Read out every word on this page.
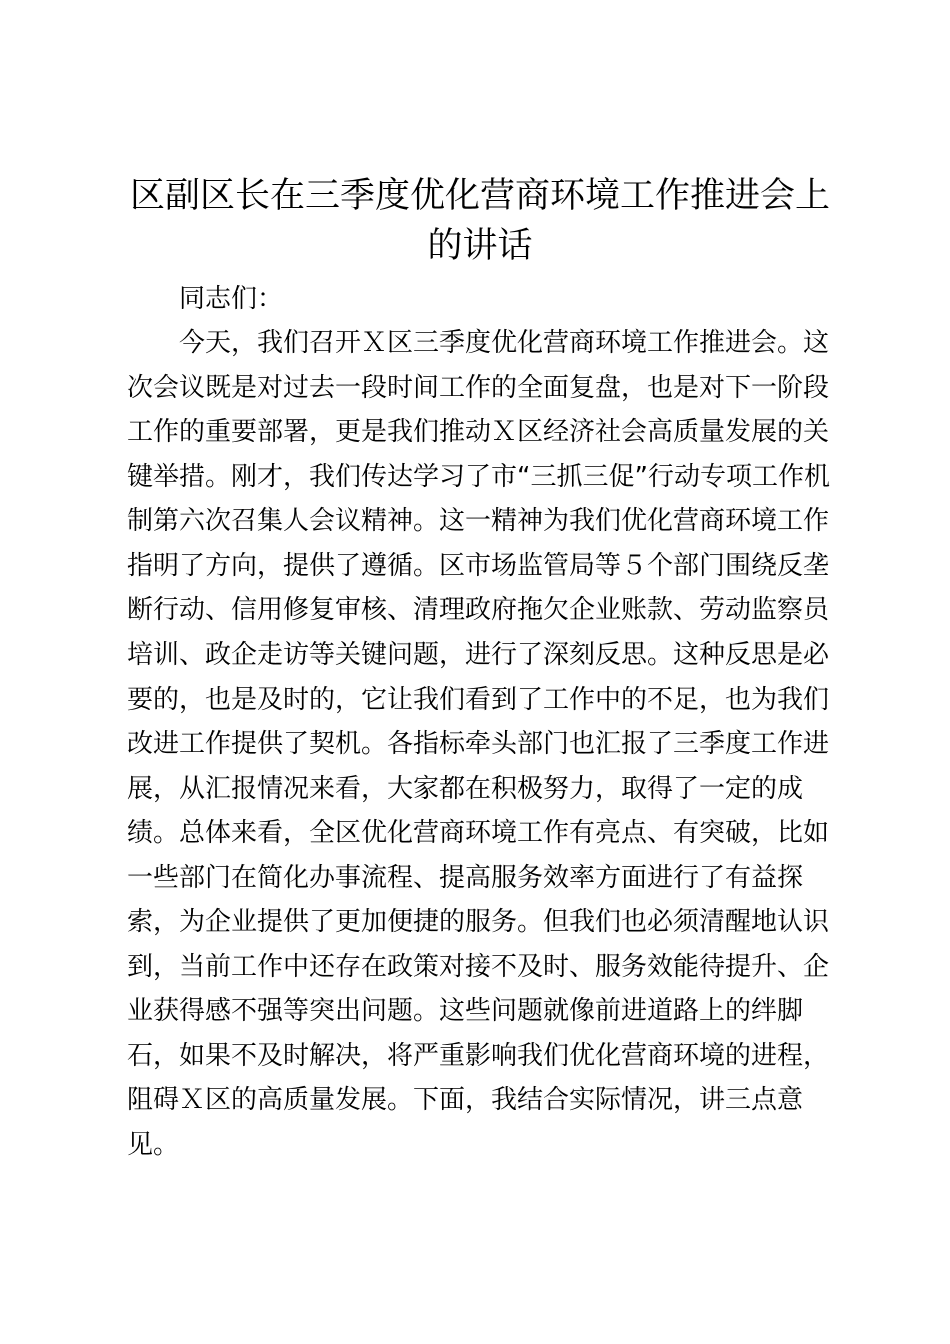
区副区长在三季度优化营商环境工作推进会上
的讲话
同志们：
今天，我们召开Ｘ区三季度优化营商环境工作推进会。这
次会议既是对过去一段时间工作的全面复盘，也是对下一阶段
工作的重要部署，更是我们推动Ｘ区经济社会高质量发展的关
键举措。刚才，我们传达学习了市“三抓三促”行动专项工作机
制第六次召集人会议精神。这一精神为我们优化营商环境工作
指明了方向，提供了遵循。区市场监管局等５个部门围绕反垄
断行动、信用修复审核、清理政府拖欠企业账款、劳动监察员
培训、政企走访等关键问题，进行了深刻反思。这种反思是必
要的，也是及时的，它让我们看到了工作中的不足，也为我们
改进工作提供了契机。各指标牵头部门也汇报了三季度工作进
展，从汇报情况来看，大家都在积极努力，取得了一定的成
绩。总体来看，全区优化营商环境工作有亮点、有突破，比如
一些部门在简化办事流程、提高服务效率方面进行了有益探
索，为企业提供了更加便捷的服务。但我们也必须清醒地认识
到，当前工作中还存在政策对接不及时、服务效能待提升、企
业获得感不强等突出问题。这些问题就像前进道路上的绊脚
石，如果不及时解决，将严重影响我们优化营商环境的进程，
阻碍Ｘ区的高质量发展。下面，我结合实际情况，讲三点意
见。
